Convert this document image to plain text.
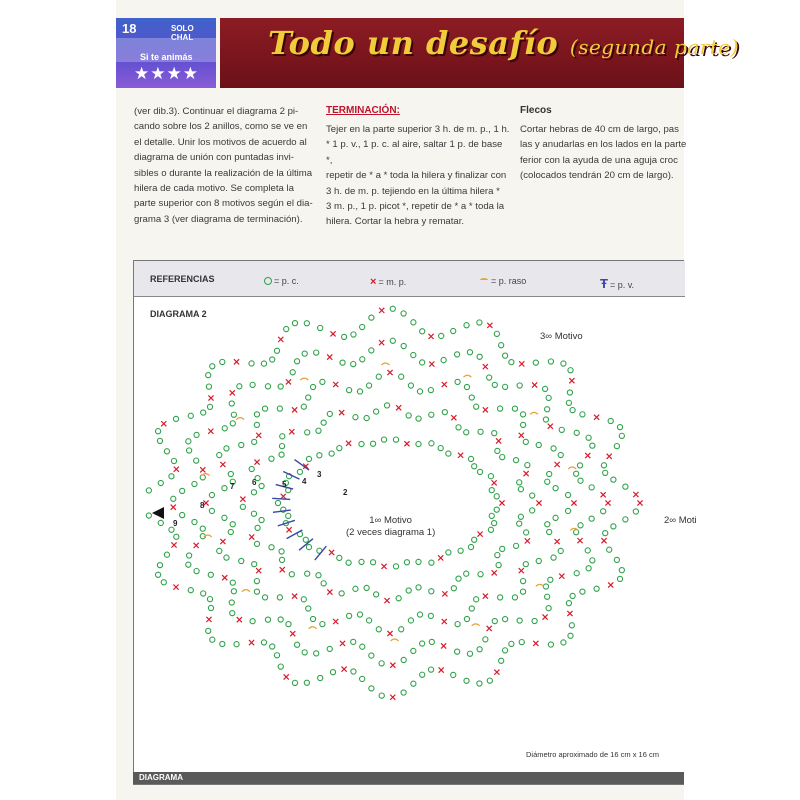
18	SOLO CHAL
Si te animás
★★★★
Todo un desafío (segunda parte)
(ver dib.3). Continuar el diagrama 2 pi-
cando sobre los 2 anillos, como se ve en
el detalle. Unir los motivos de acuerdo al
diagrama de unión con puntadas invi-
sibles o durante la realización de la última
hilera de cada motivo. Se completa la
parte superior con 8 motivos según el dia-
grama 3 (ver diagrama de terminación).
TERMINACIÓN:
Tejer en la parte superior 3 h. de m. p., 1 h.
* 1 p. v., 1 p. c. al aire, saltar 1 p. de base *,
repetir de * a * toda la hilera y finalizar con
3 h. de m. p. tejiendo en la última hilera *
3 m. p., 1 p. picot *, repetir de * a * toda la
hilera. Cortar la hebra y rematar.
Flecos
Cortar hebras de 40 cm de largo, pas
las y anudarlas en los lados en la parte
ferior con la ayuda de una aguja croc
(colocados tendrán 20 cm de largo).
REFERENCIAS	= p. c.	× = m. p.	= p. raso	Ŧ = p. v.
DIAGRAMA 2
1∞ Motivo
(2 veces diagrama 1)
2∞ Moti
3∞ Motivo
Diámetro aproximado de 16 cm x 16 cm
2
3
4
5
6
7
8
9
DIAGRAMA
